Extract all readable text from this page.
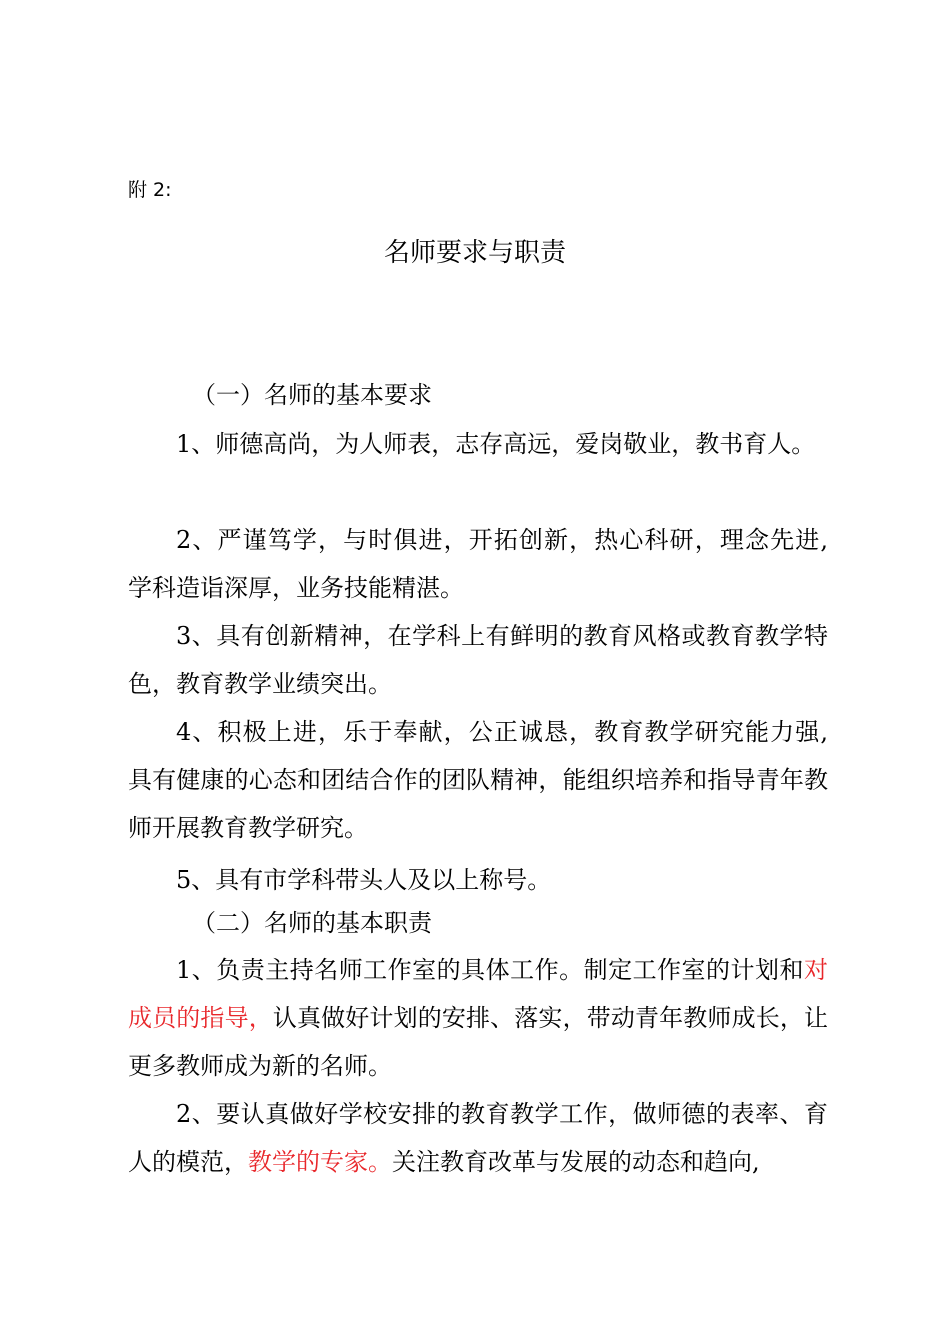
附 2:
名师要求与职责
（一）名师的基本要求
1、师德高尚，为人师表，志存高远，爱岗敬业，教书育人。
2、严谨笃学，与时俱进，开拓创新，热心科研，理念先进, 学科造诣深厚，业务技能精湛。
3、具有创新精神，在学科上有鲜明的教育风格或教育教学特色，教育教学业绩突出。
4、积极上进，乐于奉献，公正诚恳，教育教学研究能力强, 具有健康的心态和团结合作的团队精神，能组织培养和指导青年教师开展教育教学研究。
5、具有市学科带头人及以上称号。
（二）名师的基本职责
1、负责主持名师工作室的具体工作。制定工作室的计划和对成员的指导，认真做好计划的安排、落实，带动青年教师成长，让更多教师成为新的名师。
2、要认真做好学校安排的教育教学工作，做师德的表率、育人的模范，教学的专家。关注教育改革与发展的动态和趋向,
